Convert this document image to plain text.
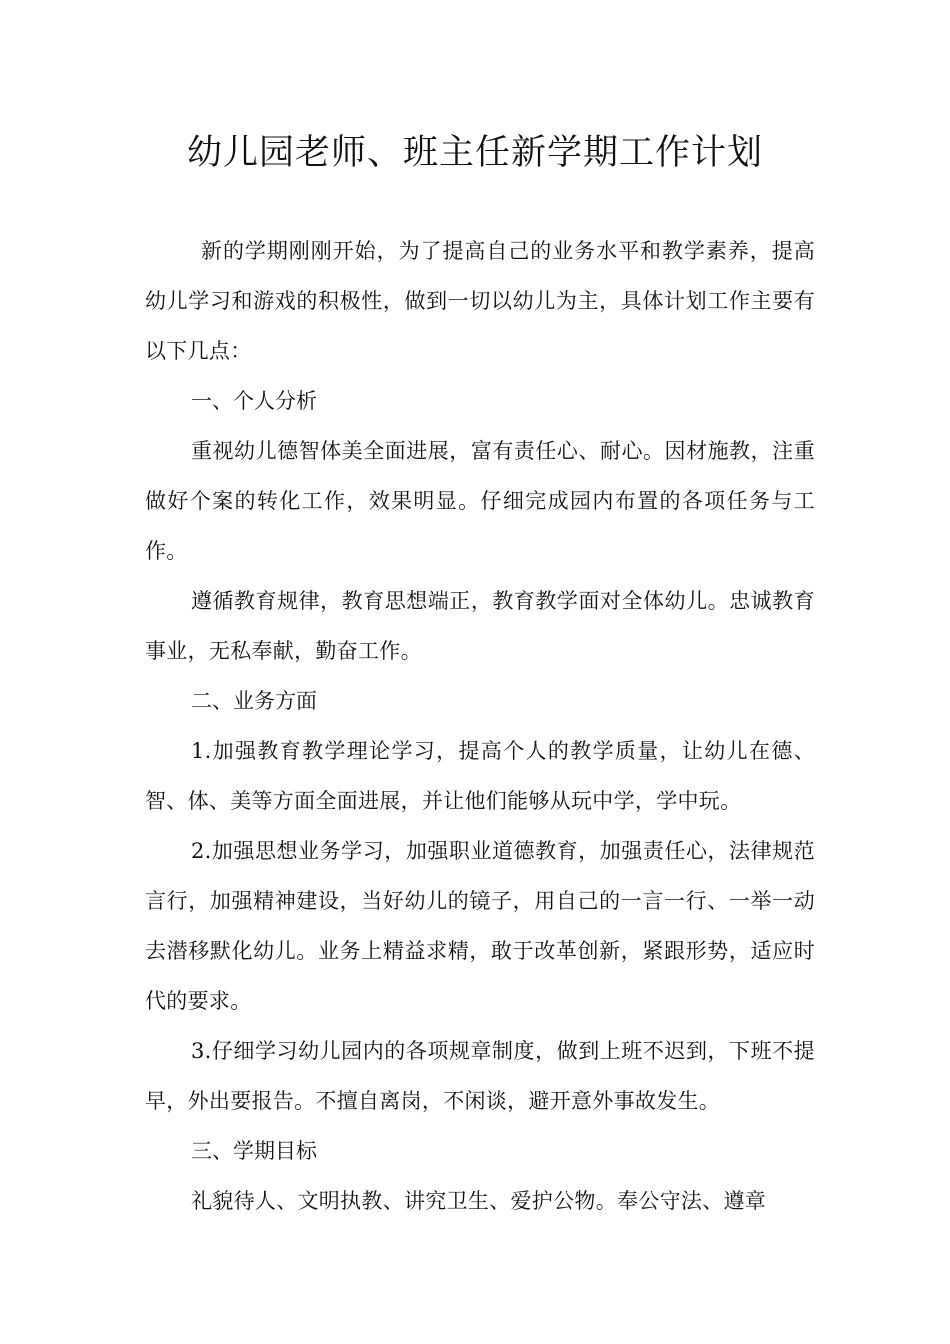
幼儿园老师、班主任新学期工作计划

新的学期刚刚开始，为了提高自己的业务水平和教学素养，提高幼儿学习和游戏的积极性，做到一切以幼儿为主，具体计划工作主要有以下几点：

一、个人分析

重视幼儿德智体美全面进展，富有责任心、耐心。因材施教，注重做好个案的转化工作，效果明显。仔细完成园内布置的各项任务与工作。

遵循教育规律，教育思想端正，教育教学面对全体幼儿。忠诚教育事业，无私奉献，勤奋工作。

二、业务方面

1.加强教育教学理论学习，提高个人的教学质量，让幼儿在德、智、体、美等方面全面进展，并让他们能够从玩中学，学中玩。

2.加强思想业务学习，加强职业道德教育，加强责任心，法律规范言行，加强精神建设，当好幼儿的镜子，用自己的一言一行、一举一动去潜移默化幼儿。业务上精益求精，敢于改革创新，紧跟形势，适应时代的要求。

3.仔细学习幼儿园内的各项规章制度，做到上班不迟到，下班不提早，外出要报告。不擅自离岗，不闲谈，避开意外事故发生。

三、学期目标

礼貌待人、文明执教、讲究卫生、爱护公物。奉公守法、遵章
